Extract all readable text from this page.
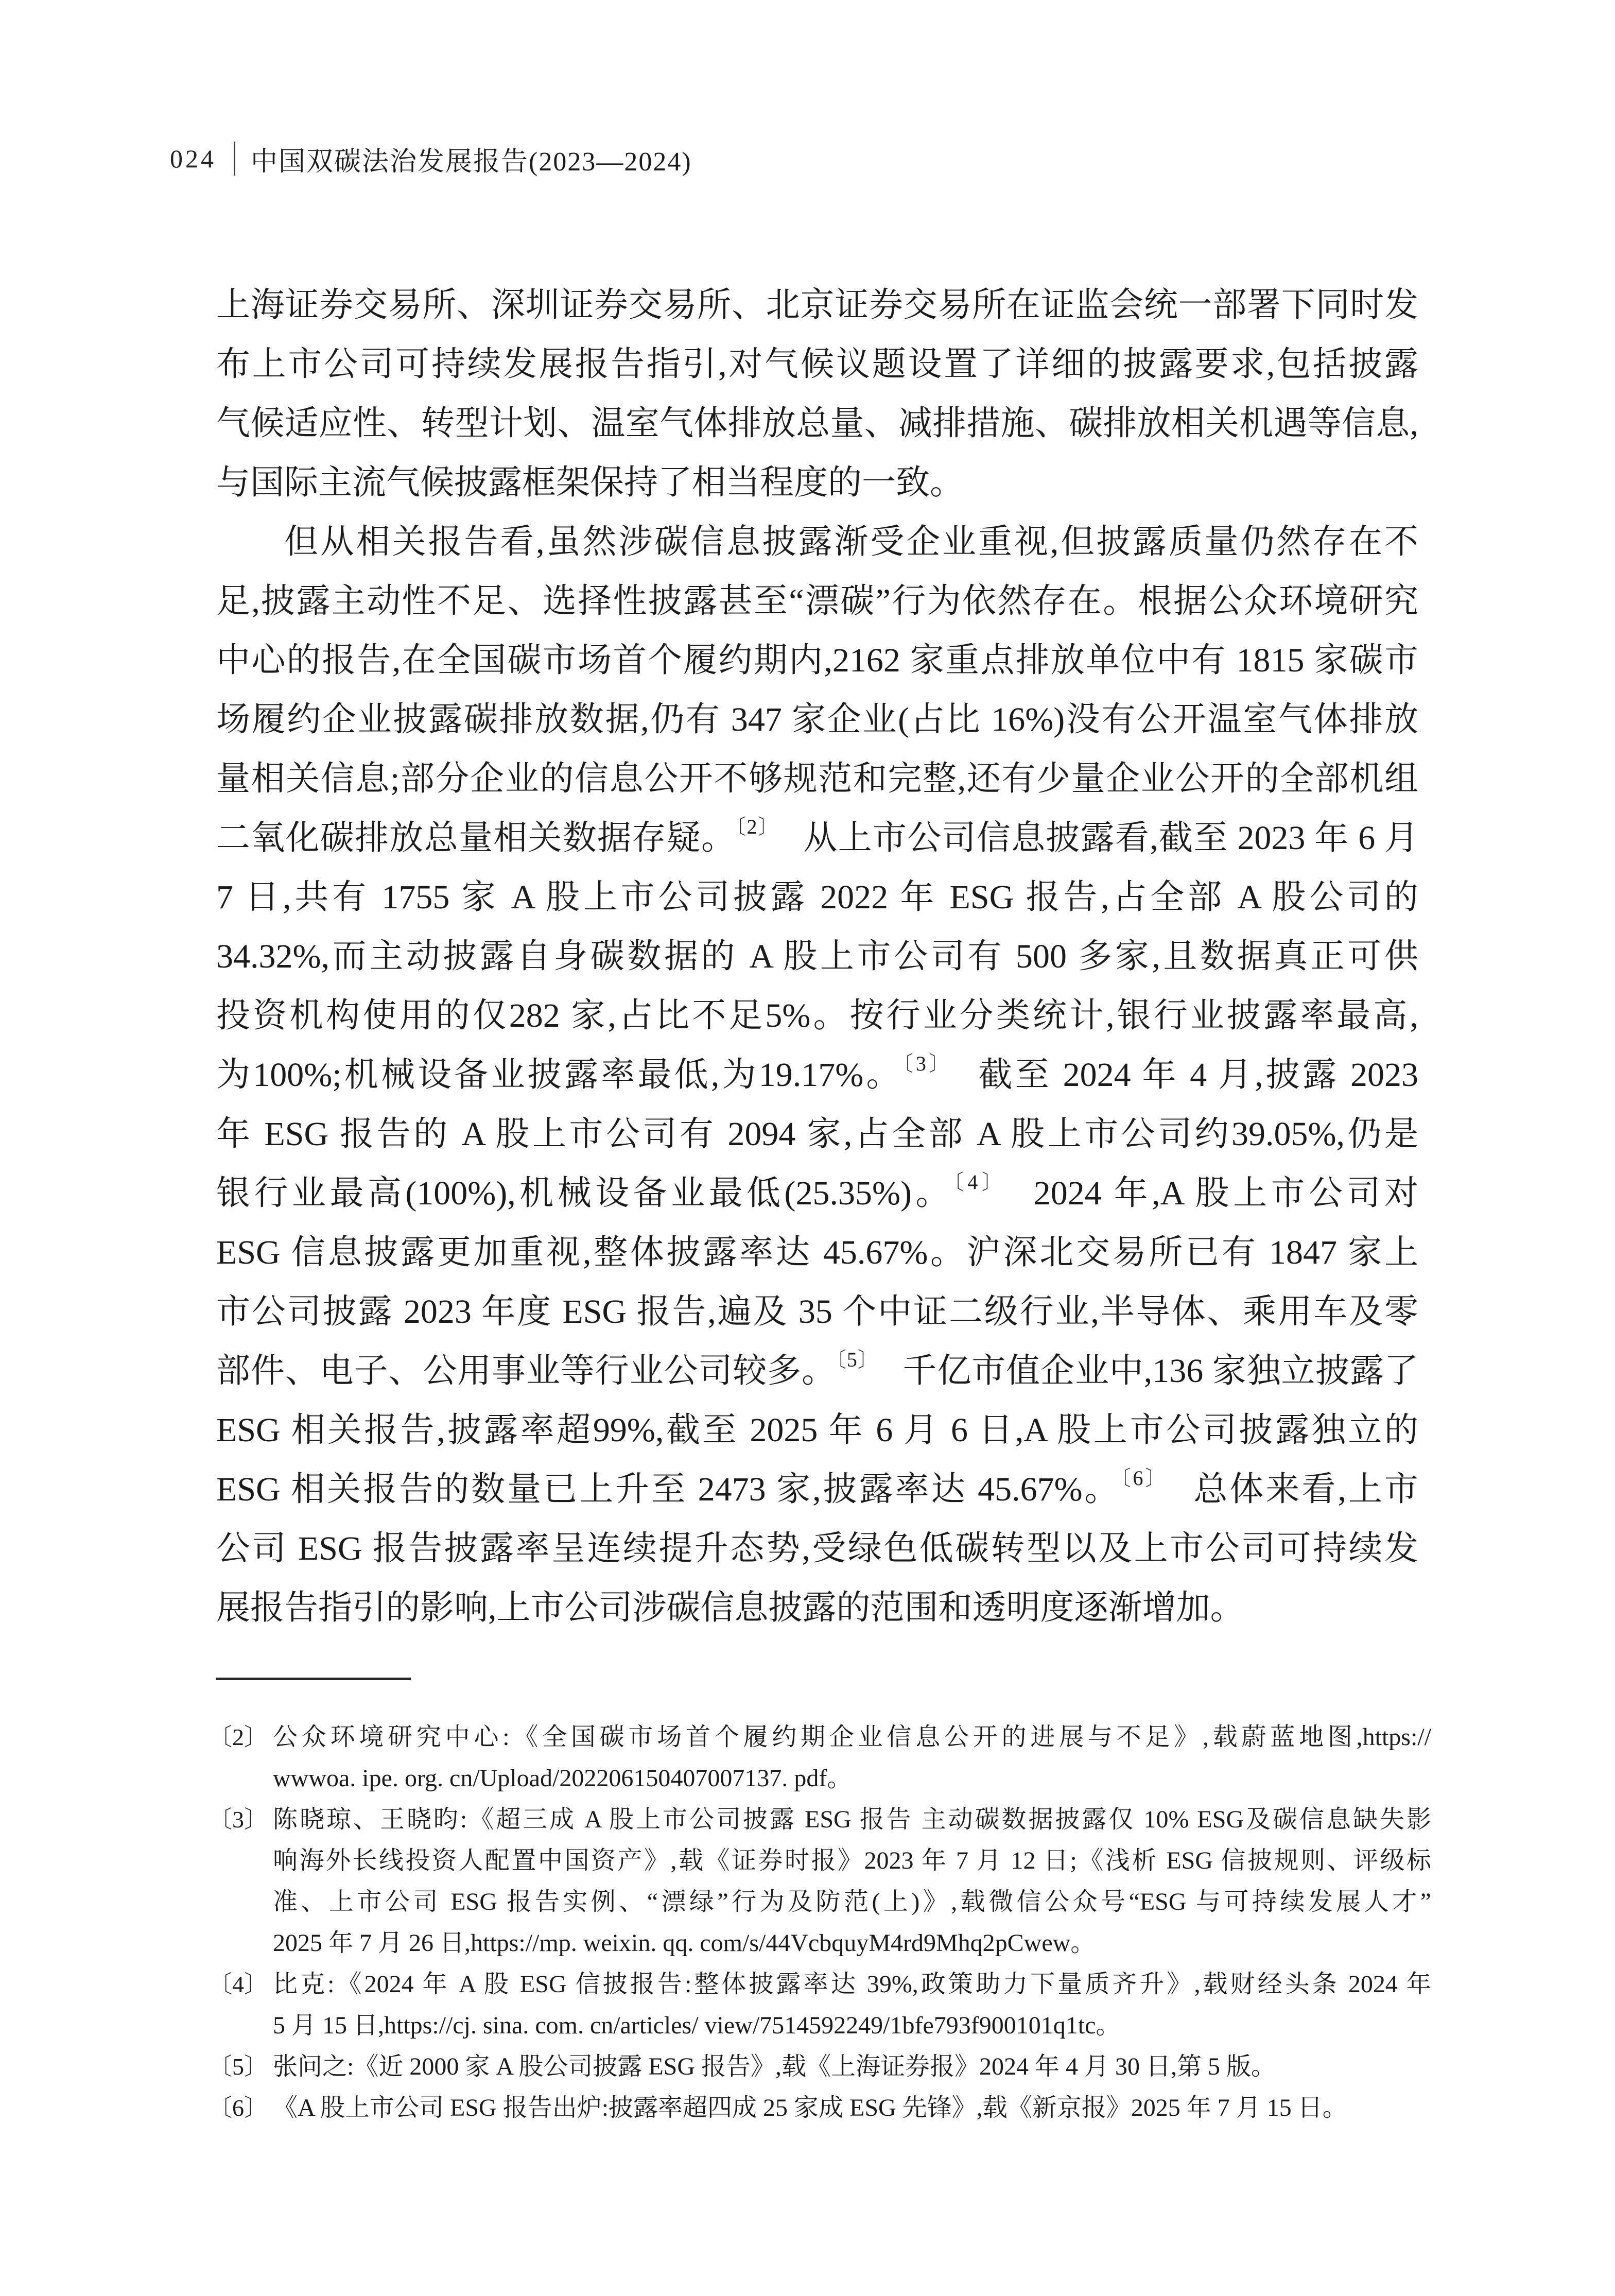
024 中国双碳法治发展报告(2023—2024)
上海证券交易所、深圳证券交易所、北京证券交易所在证监会统一部署下同时发
布上市公司可持续发展报告指引,对气候议题设置了详细的披露要求,包括披露
气候适应性、转型计划、温室气体排放总量、减排措施、碳排放相关机遇等信息,
与国际主流气候披露框架保持了相当程度的一致。
但从相关报告看,虽然涉碳信息披露渐受企业重视,但披露质量仍然存在不
足,披露主动性不足、选择性披露甚至“漂碳”行为依然存在。根据公众环境研究
中心的报告,在全国碳市场首个履约期内,2162 家重点排放单位中有 1815 家碳市
场履约企业披露碳排放数据,仍有 347 家企业(占比 16%)没有公开温室气体排放
量相关信息;部分企业的信息公开不够规范和完整,还有少量企业公开的全部机组
二氧化碳排放总量相关数据存疑。$^{〔2〕}$　从上市公司信息披露看,截至 2023 年 6 月
7 日,共有 1755 家 A 股上市公司披露 2022 年 ESG 报告,占全部 A 股公司的
34.32%,而主动披露自身碳数据的 A 股上市公司有 500 多家,且数据真正可供
投资机构使用的仅282 家,占比不足5%。按行业分类统计,银行业披露率最高,
为100%;机械设备业披露率最低,为19.17%。$^{〔3〕}$　截至 2024 年 4 月,披露 2023
年 ESG 报告的 A 股上市公司有 2094 家,占全部 A 股上市公司约39.05%,仍是
银行业最高(100%),机械设备业最低(25.35%)。$^{〔4〕}$　2024 年,A 股上市公司对
ESG 信息披露更加重视,整体披露率达 45.67%。沪深北交易所已有 1847 家上
市公司披露 2023 年度 ESG 报告,遍及 35 个中证二级行业,半导体、乘用车及零
部件、电子、公用事业等行业公司较多。$^{〔5〕}$　千亿市值企业中,136 家独立披露了
ESG 相关报告,披露率超99%,截至 2025 年 6 月 6 日,A 股上市公司披露独立的
ESG 相关报告的数量已上升至 2473 家,披露率达 45.67%。$^{〔6〕}$　总体来看,上市
公司 ESG 报告披露率呈连续提升态势,受绿色低碳转型以及上市公司可持续发
展报告指引的影响,上市公司涉碳信息披露的范围和透明度逐渐增加。
〔2〕 公众环境研究中心:《全国碳市场首个履约期企业信息公开的进展与不足》,载蔚蓝地图,https://
wwwoa. ipe. org. cn/Upload/202206150407007137. pdf。
〔3〕 陈晓琼、王晓昀:《超三成 A 股上市公司披露 ESG 报告 主动碳数据披露仅 10% ESG及碳信息缺失影
响海外长线投资人配置中国资产》,载《证券时报》2023 年 7 月 12 日;《浅析 ESG 信披规则、评级标
准、上市公司 ESG 报告实例、“漂绿”行为及防范(上)》,载微信公众号“ESG 与可持续发展人才”
2025 年 7 月 26 日,https://mp. weixin. qq. com/s/44VcbquyM4rd9Mhq2pCwew。
〔4〕 比克:《2024 年 A 股 ESG 信披报告:整体披露率达 39%,政策助力下量质齐升》,载财经头条 2024 年
5 月 15 日,https://cj. sina. com. cn/articles/ view/7514592249/1bfe793f900101q1tc。
〔5〕 张问之:《近 2000 家 A 股公司披露 ESG 报告》,载《上海证券报》2024 年 4 月 30 日,第 5 版。
〔6〕 《A 股上市公司 ESG 报告出炉:披露率超四成 25 家成 ESG 先锋》,载《新京报》2025 年 7 月 15 日。
